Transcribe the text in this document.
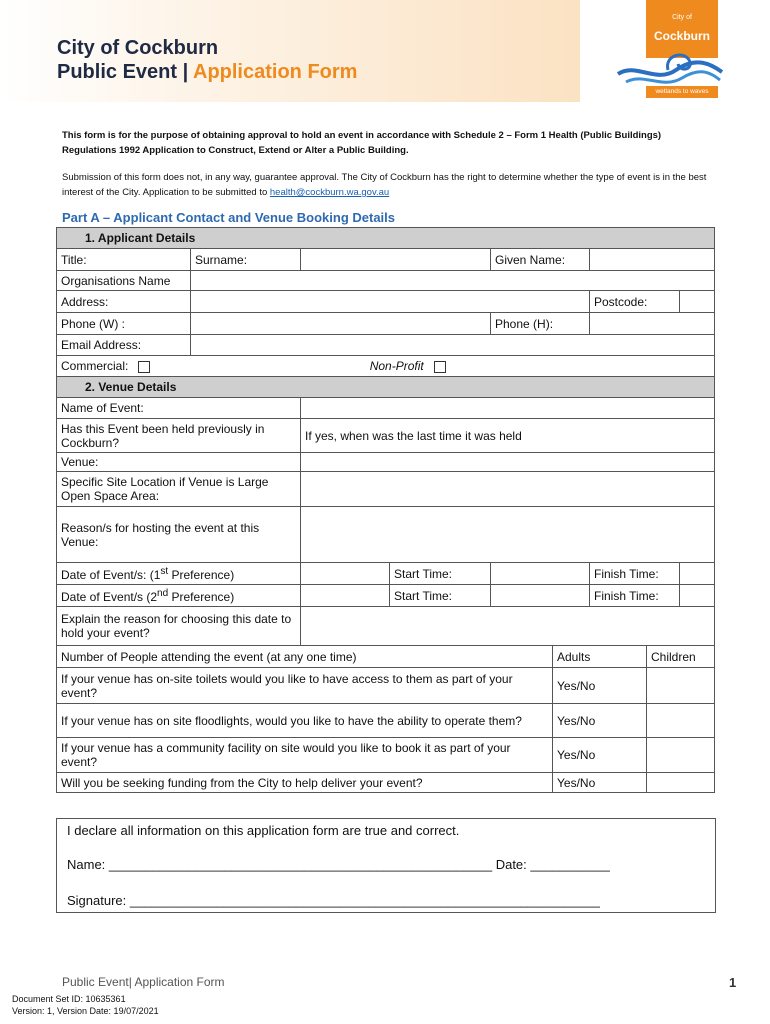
City of Cockburn
Public Event | Application Form
City of
Cockburn
wetlands to waves
This form is for the purpose of obtaining approval to hold an event in accordance with Schedule 2 – Form 1 Health (Public Buildings) Regulations 1992 Application to Construct, Extend or Alter a Public Building.
Submission of this form does not, in any way, guarantee approval. The City of Cockburn has the right to determine whether the type of event is in the best interest of the City. Application to be submitted to health@cockburn.wa.gov.au
Part A – Applicant Contact and Venue Booking Details
1. Applicant Details								
Title:	Surname:			Given Name:				
Organisations Name								
Address:						Postcode:		
Phone (W) :				Phone (H):				
Email Address:								
Commercial: Non-Profit								
2. Venue Details								
Name of Event:								
Has this Event been held previously in Cockburn?		If yes, when was the last time it was held						
Venue:								
Specific Site Location if Venue is Large Open Space Area:								
Reason/s for hosting the event at this Venue:								
Date of Event/s: (1st Preference)			Start Time:			Finish Time:		
Date of Event/s (2nd Preference)			Start Time:			Finish Time:		
Explain the reason for choosing this date to hold your event?								
Number of People attending the event (at any one time)					Adults		Children	
If your venue has on-site toilets would you like to have access to them as part of your event?					Yes/No			
If your venue has on site floodlights, would you like to have the ability to operate them?					Yes/No			
If your venue has a community facility on site would you like to book it as part of your event?					Yes/No			
Will you be seeking funding from the City to help deliver your event?					Yes/No			
I declare all information on this application form are true and correct.
Name: _____________________________________________________ Date: ___________
Signature: _________________________________________________________________
Public Event| Application Form	1
Document Set ID: 10635361
Version: 1, Version Date: 19/07/2021
